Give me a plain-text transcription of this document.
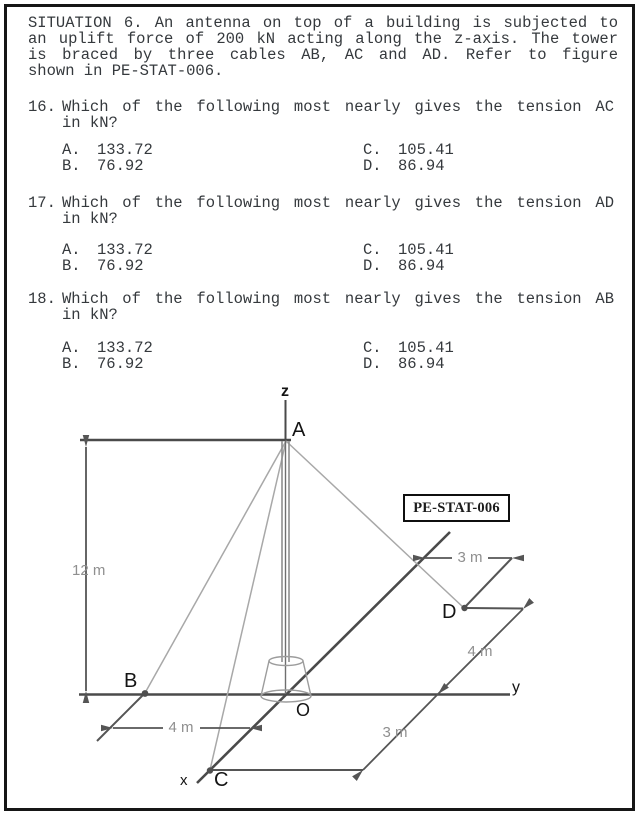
SITUATION 6. An antenna on top of a building is subjected to
an uplift force of 200 kN acting along the z-axis. The tower
is braced by three cables AB, AC and AD. Refer to figure
shown in PE-STAT-006.
16. Which of the following most nearly gives the tension AC
in kN?
A. 133.72	C. 105.41
B. 76.92	D. 86.94
17. Which of the following most nearly gives the tension AD
in kN?
A. 133.72	C. 105.41
B. 76.92	D. 86.94
18. Which of the following most nearly gives the tension AB
in kN?
A. 133.72	C. 105.41
B. 76.92	D. 86.94
A
B
C
D
O
z
y
x
12 m
4 m	3 m
3 m
4 m
PE-STAT-006
